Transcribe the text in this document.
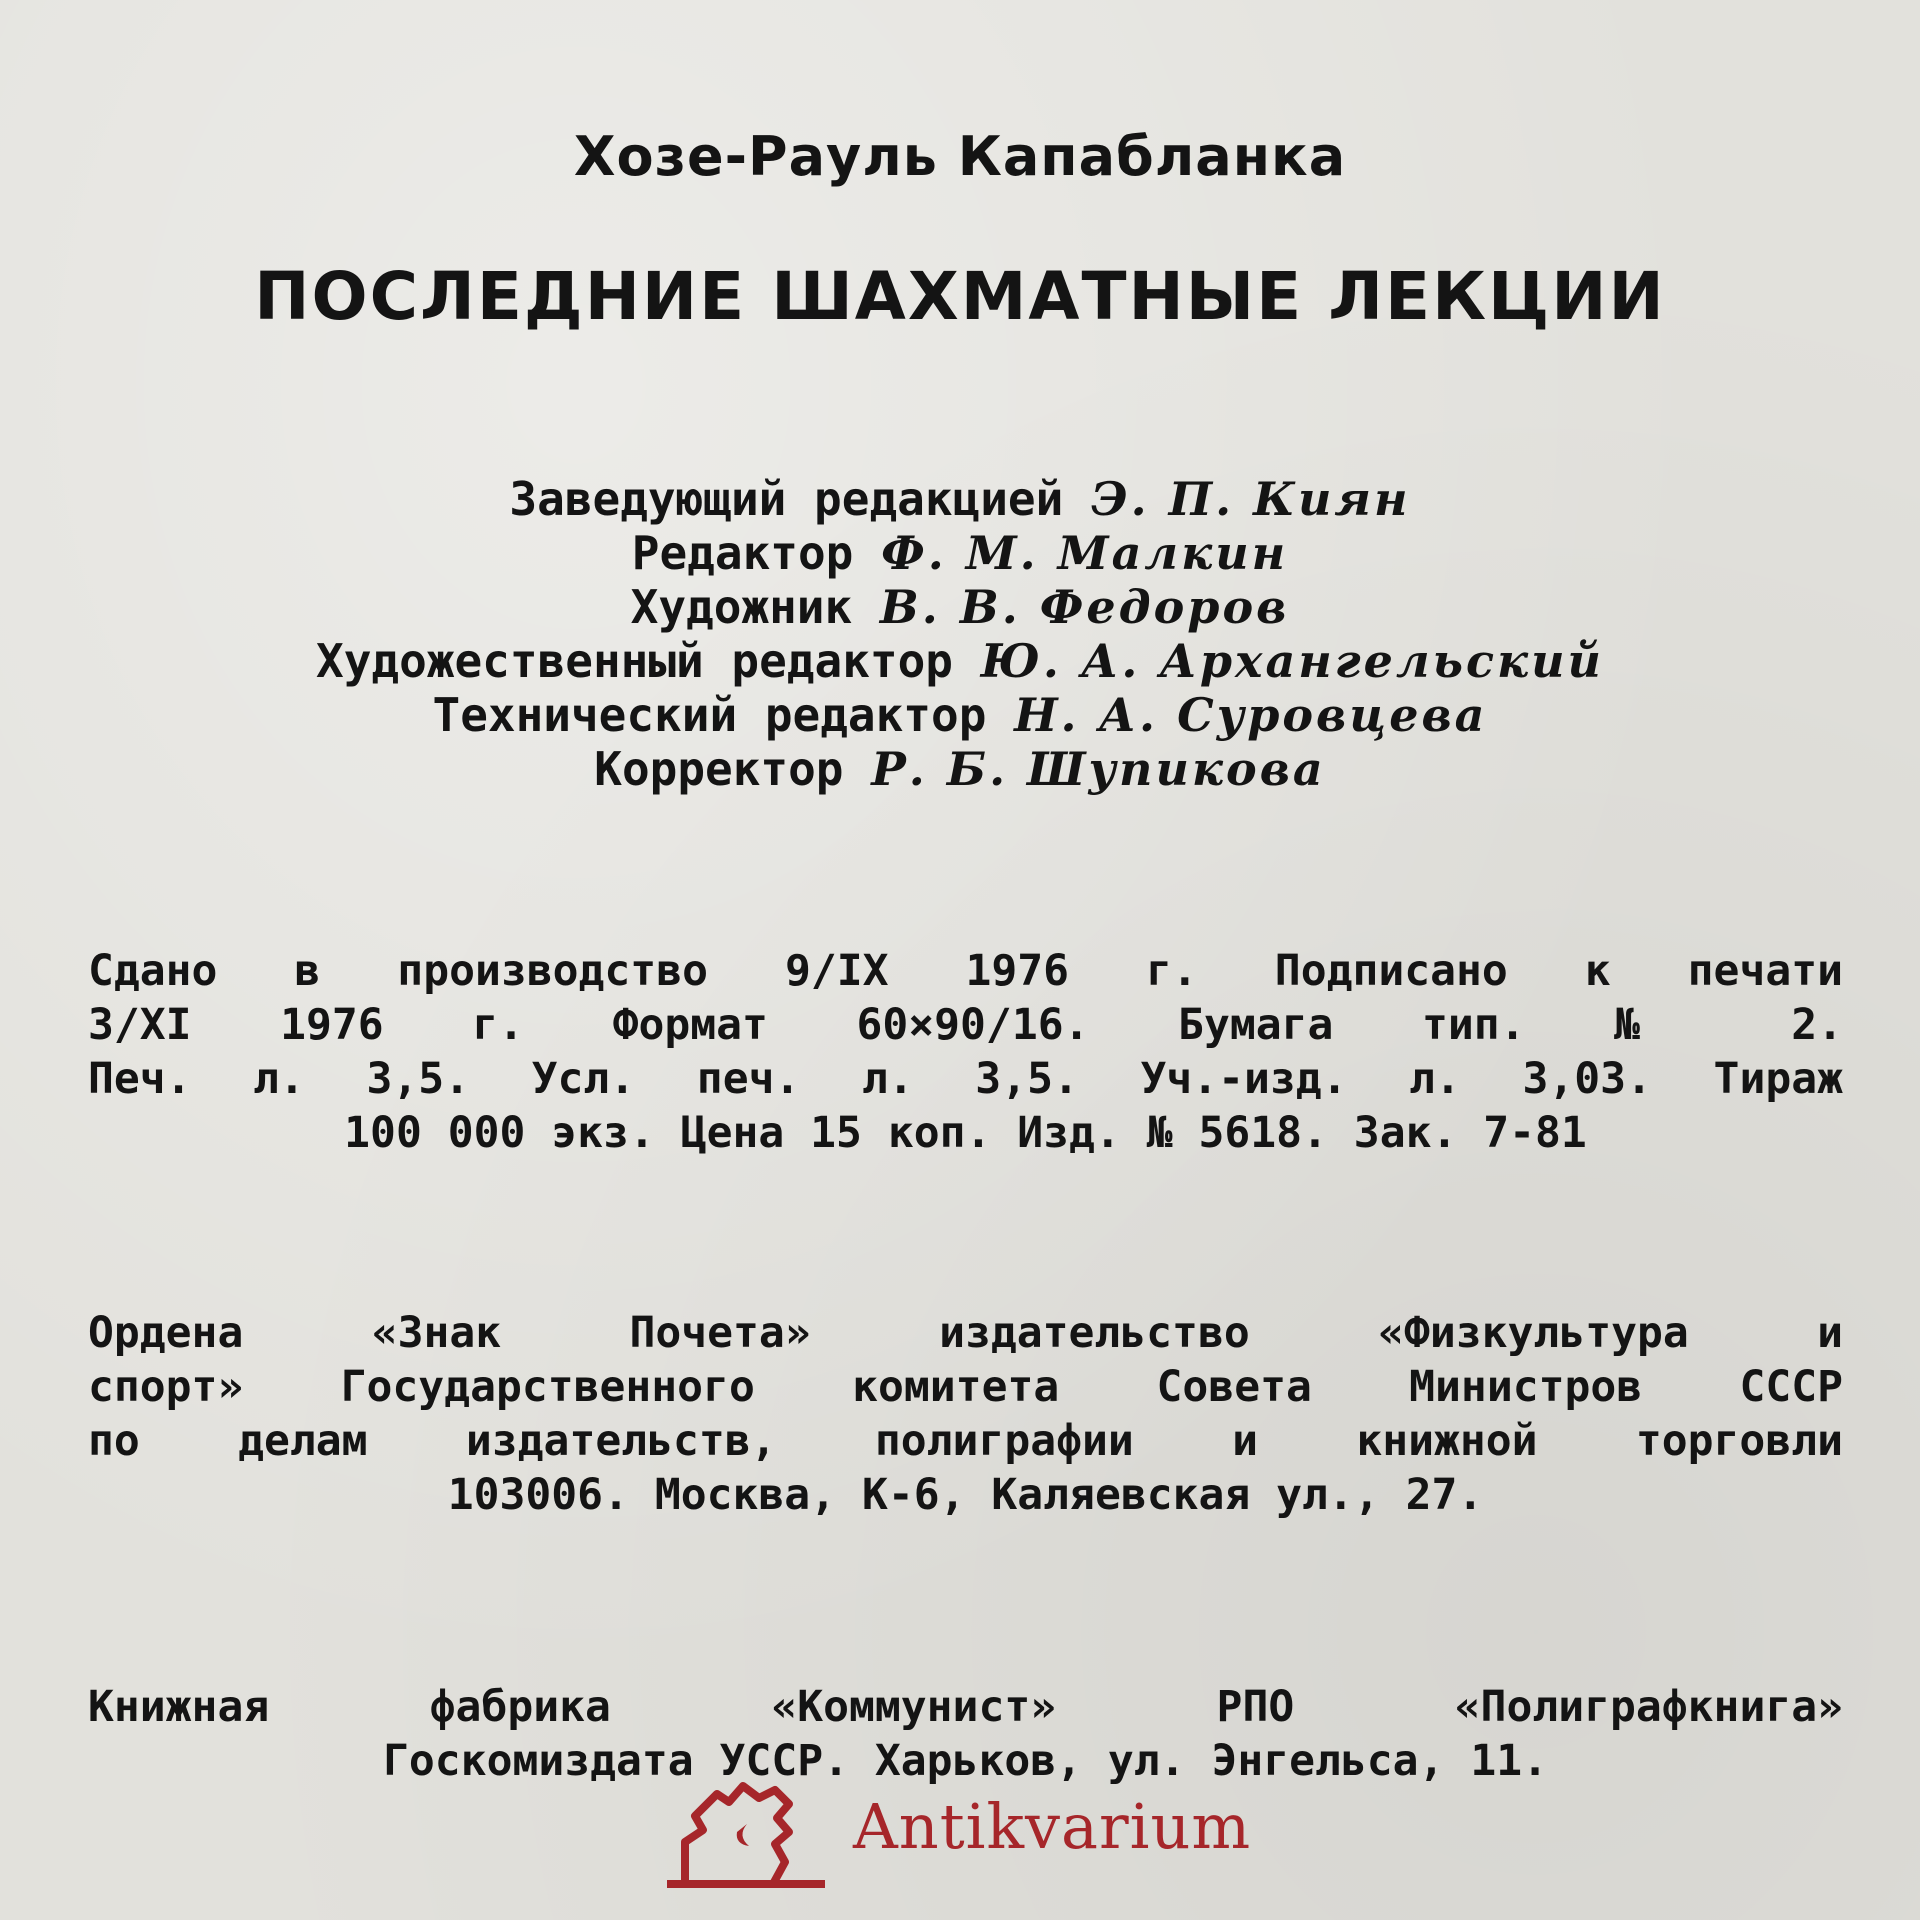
Хозе-Рауль Капабланка
ПОСЛЕДНИЕ ШАХМАТНЫЕ ЛЕКЦИИ
Заведующий редакцией Э. П. Киян
Редактор Ф. М. Малкин
Художник В. В. Федоров
Художественный редактор Ю. А. Архангельский
Технический редактор Н. А. Суровцева
Корректор Р. Б. Шупикова
Сдано в производство 9/IX 1976 г. Подписано к печати
3/XI 1976 г. Формат 60×90/16. Бумага тип. № 2.
Печ. л. 3,5. Усл. печ. л. 3,5. Уч.-изд. л. 3,03. Тираж
100 000 экз. Цена 15 коп. Изд. № 5618. Зак. 7-81
Ордена «Знак Почета» издательство «Физкультура и
спорт» Государственного комитета Совета Министров СССР
по делам издательств, полиграфии и книжной торговли
103006. Москва, К-6, Каляевская ул., 27.
Книжная фабрика «Коммунист» РПО «Полиграфкнига»
Госкомиздата УССР. Харьков, ул. Энгельса, 11.
Antikvarium
